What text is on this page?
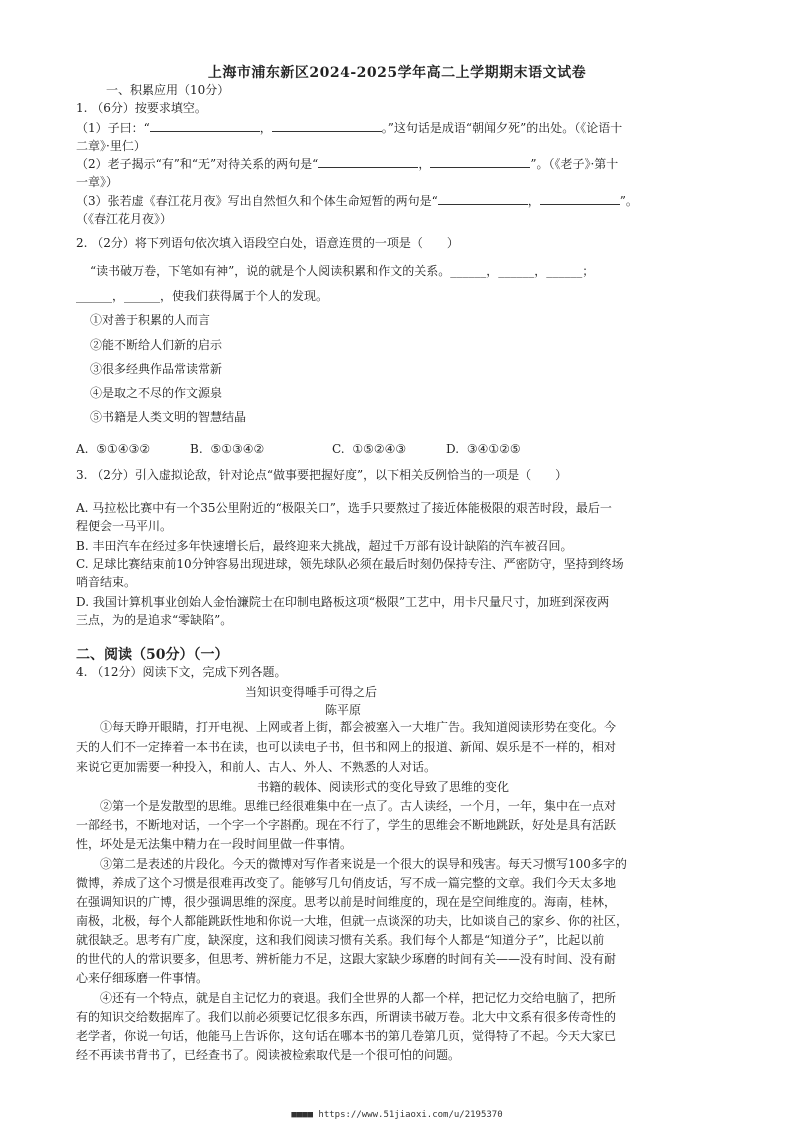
上海市浦东新区2024-2025学年高二上学期期末语文试卷
一、积累应用（10分）
1. （6分）按要求填空。
（1）子曰：“	，	。”这句话是成语“朝闻夕死”的出处。（《论语十
二章》·里仁）
（2）老子揭示“有”和“无”对待关系的两句是“	，	”。（《老子》·第十
一章》）
（3）张若虚《春江花月夜》写出自然恒久和个体生命短暂的两句是“	，	”。
（《春江花月夜》）
2. （2分）将下列语句依次填入语段空白处，语意连贯的一项是（　　）
“读书破万卷，下笔如有神”，说的就是个人阅读积累和作文的关系。______，______，______；
______，______，使我们获得属于个人的发现。
①对善于积累的人而言
②能不断给人们新的启示
③很多经典作品常读常新
④是取之不尽的作文源泉
⑤书籍是人类文明的智慧结晶
A. ⑤①④③②	B. ⑤①③④②	C. ①⑤②④③	D. ③④①②⑤
3. （2分）引入虚拟论敌，针对论点“做事要把握好度”，以下相关反例恰当的一项是（　　）
A. 马拉松比赛中有一个35公里附近的“极限关口”，选手只要熬过了接近体能极限的艰苦时段，最后一
程便会一马平川。
B. 丰田汽车在经过多年快速增长后，最终迎来大挑战，超过千万部有设计缺陷的汽车被召回。
C. 足球比赛结束前10分钟容易出现进球，领先球队必须在最后时刻仍保持专注、严密防守，坚持到终场
哨音结束。
D. 我国计算机事业创始人金怡濂院士在印制电路板这项“极限”工艺中，用卡尺量尺寸，加班到深夜两
三点，为的是追求“零缺陷”。
二、阅读（50分）（一）
4. （12分）阅读下文，完成下列各题。
当知识变得唾手可得之后
陈平原
　　①每天睁开眼睛，打开电视、上网或者上街，都会被塞入一大堆广告。我知道阅读形势在变化。今
天的人们不一定捧着一本书在读，也可以读电子书，但书和网上的报道、新闻、娱乐是不一样的，相对
来说它更加需要一种投入，和前人、古人、外人、不熟悉的人对话。
书籍的载体、阅读形式的变化导致了思维的变化
　　②第一个是发散型的思维。思维已经很难集中在一点了。古人读经，一个月，一年，集中在一点对
一部经书，不断地对话，一个字一个字斟酌。现在不行了，学生的思维会不断地跳跃，好处是具有活跃
性，坏处是无法集中精力在一段时间里做一件事情。
　　③第二是表述的片段化。今天的微博对写作者来说是一个很大的误导和残害。每天习惯写100多字的
微博，养成了这个习惯是很难再改变了。能够写几句俏皮话，写不成一篇完整的文章。我们今天太多地
在强调知识的广博，很少强调思维的深度。思考以前是时间维度的，现在是空间维度的。海南，桂林，
南极，北极，每个人都能跳跃性地和你说一大堆，但就一点谈深的功夫，比如谈自己的家乡、你的社区，
就很缺乏。思考有广度，缺深度，这和我们阅读习惯有关系。我们每个人都是“知道分子”，比起以前
的世代的人的常识要多，但思考、辨析能力不足，这跟大家缺少琢磨的时间有关——没有时间、没有耐
心来仔细琢磨一件事情。
　　④还有一个特点，就是自主记忆力的衰退。我们全世界的人都一个样，把记忆力交给电脑了，把所
有的知识交给数据库了。我们以前必须要记忆很多东西，所谓读书破万卷。北大中文系有很多传奇性的
老学者，你说一句话，他能马上告诉你，这句话在哪本书的第几卷第几页，觉得特了不起。今天大家已
经不再读书背书了，已经查书了。阅读被检索取代是一个很可怕的问题。
■■■■ https://www.51jiaoxi.com/u/2195370
